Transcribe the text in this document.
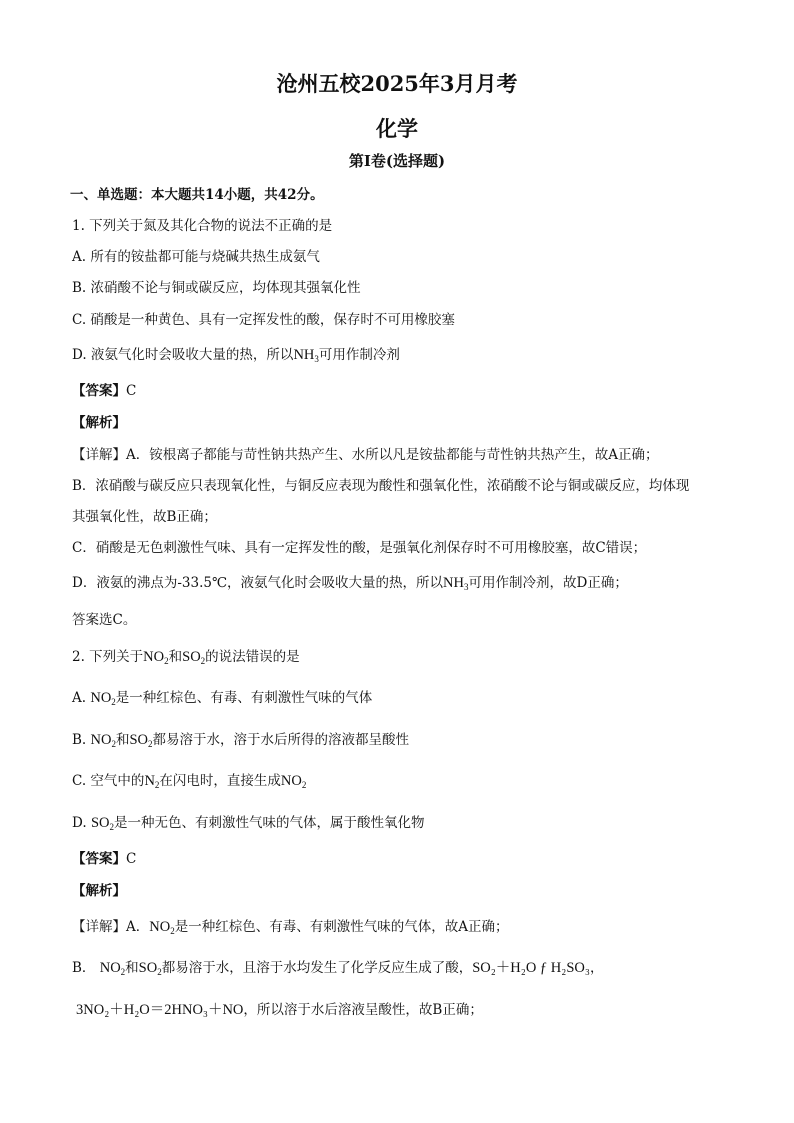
沧州五校2025年3月月考
化学
第Ⅰ卷(选择题)
一、单选题：本大题共14小题，共42分。
1. 下列关于氮及其化合物的说法不正确的是
A. 所有的铵盐都可能与烧碱共热生成氨气
B. 浓硝酸不论与铜或碳反应，均体现其强氧化性
C. 硝酸是一种黄色、具有一定挥发性的酸，保存时不可用橡胶塞
D. 液氨气化时会吸收大量的热，所以$NH_3$可用作制冷剂
【答案】C
【解析】
【详解】A．铵根离子都能与苛性钠共热产生、水所以凡是铵盐都能与苛性钠共热产生，故A正确；
B．浓硝酸与碳反应只表现氧化性，与铜反应表现为酸性和强氧化性，浓硝酸不论与铜或碳反应，均体现
其强氧化性，故B正确；
C．硝酸是无色刺激性气味、具有一定挥发性的酸，是强氧化剂保存时不可用橡胶塞，故C错误；
D．液氨的沸点为-33.5℃，液氨气化时会吸收大量的热，所以$NH_3$可用作制冷剂，故D正确；
答案选C。
2. 下列关于$NO_2$和$SO_2$的说法错误的是
A. $NO_2$是一种红棕色、有毒、有刺激性气味的气体
B. $NO_2$和$SO_2$都易溶于水，溶于水后所得的溶液都呈酸性
C. 空气中的$N_2$在闪电时，直接生成$NO_2$
D. $SO_2$是一种无色、有刺激性气味的气体，属于酸性氧化物
【答案】C
【解析】
【详解】A．$NO_2$是一种红棕色、有毒、有刺激性气味的气体，故A正确；
B． $NO_2$和$SO_2$都易溶于水，且溶于水均发生了化学反应生成了酸，SO₂＋H₂O ƒ H₂SO₃，
3NO₂＋H₂O＝2HNO₃＋NO，所以溶于水后溶液呈酸性，故B正确；
